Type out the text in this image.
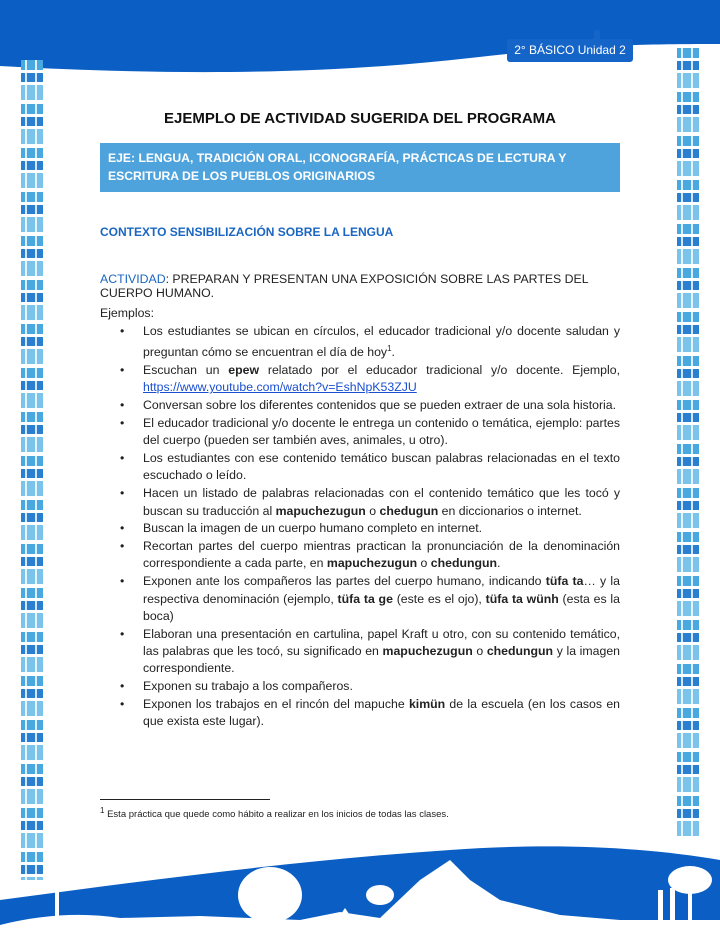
2° BÁSICO Unidad 2
EJEMPLO DE ACTIVIDAD SUGERIDA DEL PROGRAMA
EJE: LENGUA, TRADICIÓN ORAL, ICONOGRAFÍA, PRÁCTICAS DE LECTURA Y ESCRITURA DE LOS PUEBLOS ORIGINARIOS
CONTEXTO SENSIBILIZACIÓN SOBRE LA LENGUA
ACTIVIDAD: PREPARAN Y PRESENTAN UNA EXPOSICIÓN SOBRE LAS PARTES DEL CUERPO HUMANO.
Ejemplos:
• Los estudiantes se ubican en círculos, el educador tradicional y/o docente saludan y preguntan cómo se encuentran el día de hoy$^1$.
• Escuchan un epew relatado por el educador tradicional y/o docente. Ejemplo, https://www.youtube.com/watch?v=EshNpK53ZJU
• Conversan sobre los diferentes contenidos que se pueden extraer de una sola historia.
• El educador tradicional y/o docente le entrega un contenido o temática, ejemplo: partes del cuerpo (pueden ser también aves, animales, u otro).
• Los estudiantes con ese contenido temático buscan palabras relacionadas en el texto escuchado o leído.
• Hacen un listado de palabras relacionadas con el contenido temático que les tocó y buscan su traducción al mapuchezugun o chedugun en diccionarios o internet.
• Buscan la imagen de un cuerpo humano completo en internet.
• Recortan partes del cuerpo mientras practican la pronunciación de la denominación correspondiente a cada parte, en mapuchezugun o chedungun.
• Exponen ante los compañeros las partes del cuerpo humano, indicando tüfa ta… y la respectiva denominación (ejemplo, tüfa ta ge (este es el ojo), tüfa ta wünh (esta es la boca)
• Elaboran una presentación en cartulina, papel Kraft u otro, con su contenido temático, las palabras que les tocó, su significado en mapuchezugun o chedungun y la imagen correspondiente.
• Exponen su trabajo a los compañeros.
• Exponen los trabajos en el rincón del mapuche kimün de la escuela (en los casos en que exista este lugar).
$^1$ Esta práctica que quede como hábito a realizar en los inicios de todas las clases.
